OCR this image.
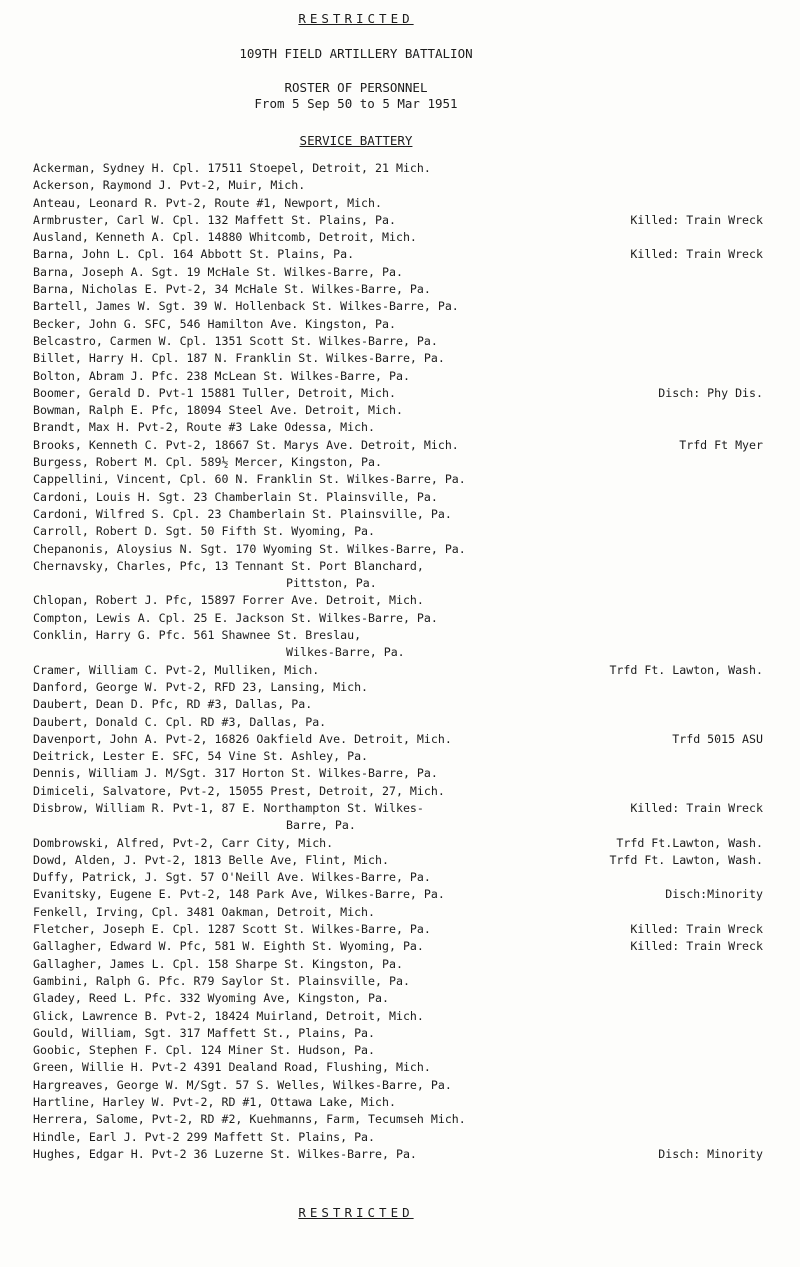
RESTRICTED
109TH FIELD ARTILLERY BATTALION
ROSTER OF PERSONNEL
From 5 Sep 50 to 5 Mar 1951
SERVICE BATTERY
Ackerman, Sydney H. Cpl. 17511 Stoepel, Detroit, 21 Mich.
Ackerson, Raymond J. Pvt-2, Muir, Mich.
Anteau, Leonard R. Pvt-2, Route #1, Newport, Mich.
Armbruster, Carl W. Cpl. 132 Maffett St. Plains, Pa.	Killed: Train Wreck
Ausland, Kenneth A. Cpl. 14880 Whitcomb, Detroit, Mich.
Barna, John L. Cpl. 164 Abbott St. Plains, Pa.	Killed: Train Wreck
Barna, Joseph A. Sgt. 19 McHale St. Wilkes-Barre, Pa.
Barna, Nicholas E. Pvt-2, 34 McHale St. Wilkes-Barre, Pa.
Bartell, James W. Sgt. 39 W. Hollenback St. Wilkes-Barre, Pa.
Becker, John G. SFC, 546 Hamilton Ave. Kingston, Pa.
Belcastro, Carmen W. Cpl. 1351 Scott St. Wilkes-Barre, Pa.
Billet, Harry H. Cpl. 187 N. Franklin St. Wilkes-Barre, Pa.
Bolton, Abram J. Pfc. 238 McLean St. Wilkes-Barre, Pa.
Boomer, Gerald D. Pvt-1 15881 Tuller, Detroit, Mich.	Disch: Phy Dis.
Bowman, Ralph E. Pfc, 18094 Steel Ave. Detroit, Mich.
Brandt, Max H. Pvt-2, Route #3 Lake Odessa, Mich.
Brooks, Kenneth C. Pvt-2, 18667 St. Marys Ave. Detroit, Mich.	Trfd Ft Myer
Burgess, Robert M. Cpl. 589½ Mercer, Kingston, Pa.
Cappellini, Vincent, Cpl. 60 N. Franklin St. Wilkes-Barre, Pa.
Cardoni, Louis H. Sgt. 23 Chamberlain St. Plainsville, Pa.
Cardoni, Wilfred S. Cpl. 23 Chamberlain St. Plainsville, Pa.
Carroll, Robert D. Sgt. 50 Fifth St. Wyoming, Pa.
Chepanonis, Aloysius N. Sgt. 170 Wyoming St. Wilkes-Barre, Pa.
Chernavsky, Charles, Pfc, 13 Tennant St. Port Blanchard,
Pittston, Pa.
Chlopan, Robert J. Pfc, 15897 Forrer Ave. Detroit, Mich.
Compton, Lewis A. Cpl. 25 E. Jackson St. Wilkes-Barre, Pa.
Conklin, Harry G. Pfc. 561 Shawnee St. Breslau,
Wilkes-Barre, Pa.
Cramer, William C. Pvt-2, Mulliken, Mich.	Trfd Ft. Lawton, Wash.
Danford, George W. Pvt-2, RFD 23, Lansing, Mich.
Daubert, Dean D. Pfc, RD #3, Dallas, Pa.
Daubert, Donald C. Cpl. RD #3, Dallas, Pa.
Davenport, John A. Pvt-2, 16826 Oakfield Ave. Detroit, Mich.	Trfd 5015 ASU
Deitrick, Lester E. SFC, 54 Vine St. Ashley, Pa.
Dennis, William J. M/Sgt. 317 Horton St. Wilkes-Barre, Pa.
Dimiceli, Salvatore, Pvt-2, 15055 Prest, Detroit, 27, Mich.
Disbrow, William R. Pvt-1, 87 E. Northampton St. Wilkes-	Killed: Train Wreck
Barre, Pa.
Dombrowski, Alfred, Pvt-2, Carr City, Mich.	Trfd Ft.Lawton, Wash.
Dowd, Alden, J. Pvt-2, 1813 Belle Ave, Flint, Mich.	Trfd Ft. Lawton, Wash.
Duffy, Patrick, J. Sgt. 57 O'Neill Ave. Wilkes-Barre, Pa.
Evanitsky, Eugene E. Pvt-2, 148 Park Ave, Wilkes-Barre, Pa.	Disch:Minority
Fenkell, Irving, Cpl. 3481 Oakman, Detroit, Mich.
Fletcher, Joseph E. Cpl. 1287 Scott St. Wilkes-Barre, Pa.	Killed: Train Wreck
Gallagher, Edward W. Pfc, 581 W. Eighth St. Wyoming, Pa.	Killed: Train Wreck
Gallagher, James L. Cpl. 158 Sharpe St. Kingston, Pa.
Gambini, Ralph G. Pfc. R79 Saylor St. Plainsville, Pa.
Gladey, Reed L. Pfc. 332 Wyoming Ave, Kingston, Pa.
Glick, Lawrence B. Pvt-2, 18424 Muirland, Detroit, Mich.
Gould, William, Sgt. 317 Maffett St., Plains, Pa.
Goobic, Stephen F. Cpl. 124 Miner St. Hudson, Pa.
Green, Willie H. Pvt-2 4391 Dealand Road, Flushing, Mich.
Hargreaves, George W. M/Sgt. 57 S. Welles, Wilkes-Barre, Pa.
Hartline, Harley W. Pvt-2, RD #1, Ottawa Lake, Mich.
Herrera, Salome, Pvt-2, RD #2, Kuehmanns, Farm, Tecumseh Mich.
Hindle, Earl J. Pvt-2 299 Maffett St. Plains, Pa.
Hughes, Edgar H. Pvt-2 36 Luzerne St. Wilkes-Barre, Pa.	Disch: Minority
RESTRICTED
